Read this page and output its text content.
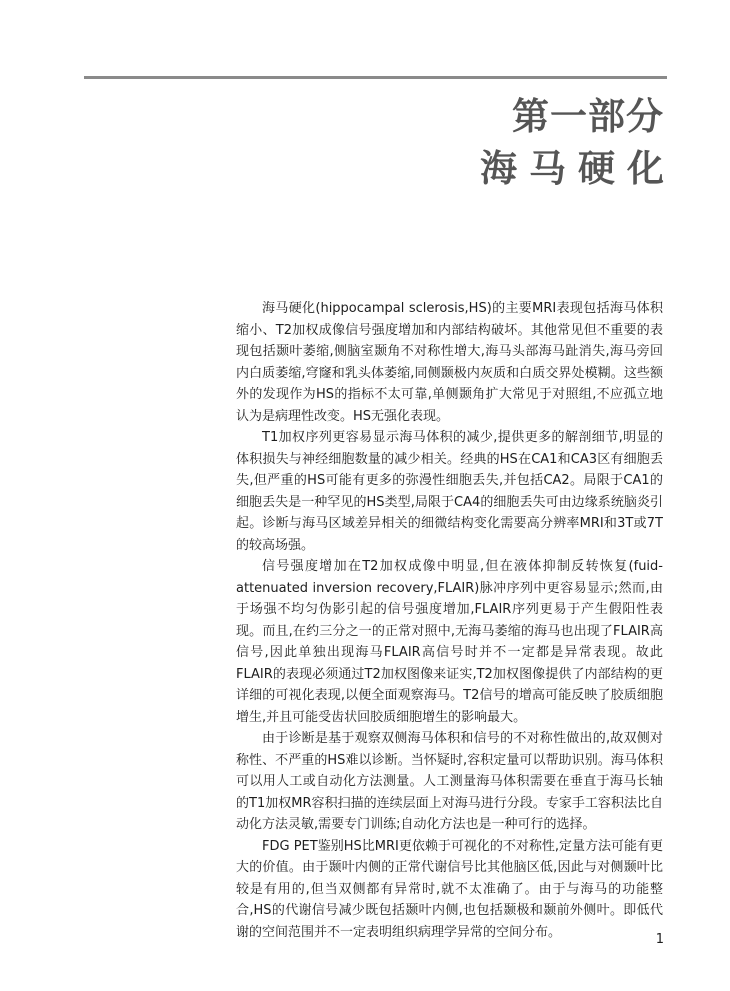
第一部分
海马硬化

海马硬化(hippocampal sclerosis,HS)的主要MRI表现包括海马体积缩小、T2加权成像信号强度增加和内部结构破坏。其他常见但不重要的表现包括颞叶萎缩,侧脑室颞角不对称性增大,海马头部海马趾消失,海马旁回内白质萎缩,穹窿和乳头体萎缩,同侧颞极内灰质和白质交界处模糊。这些额外的发现作为HS的指标不太可靠,单侧颞角扩大常见于对照组,不应孤立地认为是病理性改变。HS无强化表现。

T1加权序列更容易显示海马体积的减少,提供更多的解剖细节,明显的体积损失与神经细胞数量的减少相关。经典的HS在CA1和CA3区有细胞丢失,但严重的HS可能有更多的弥漫性细胞丢失,并包括CA2。局限于CA1的细胞丢失是一种罕见的HS类型,局限于CA4的细胞丢失可由边缘系统脑炎引起。诊断与海马区域差异相关的细微结构变化需要高分辨率MRI和3T或7T的较高场强。

信号强度增加在T2加权成像中明显,但在液体抑制反转恢复(fuid-attenuated inversion recovery,FLAIR)脉冲序列中更容易显示;然而,由于场强不均匀伪影引起的信号强度增加,FLAIR序列更易于产生假阳性表现。而且,在约三分之一的正常对照中,无海马萎缩的海马也出现了FLAIR高信号,因此单独出现海马FLAIR高信号时并不一定都是异常表现。故此FLAIR的表现必须通过T2加权图像来证实,T2加权图像提供了内部结构的更详细的可视化表现,以便全面观察海马。T2信号的增高可能反映了胶质细胞增生,并且可能受齿状回胶质细胞增生的影响最大。

由于诊断是基于观察双侧海马体积和信号的不对称性做出的,故双侧对称性、不严重的HS难以诊断。当怀疑时,容积定量可以帮助识别。海马体积可以用人工或自动化方法测量。人工测量海马体积需要在垂直于海马长轴的T1加权MR容积扫描的连续层面上对海马进行分段。专家手工容积法比自动化方法灵敏,需要专门训练;自动化方法也是一种可行的选择。

FDG PET鉴别HS比MRI更依赖于可视化的不对称性,定量方法可能有更大的价值。由于颞叶内侧的正常代谢信号比其他脑区低,因此与对侧颞叶比较是有用的,但当双侧都有异常时,就不太准确了。由于与海马的功能整合,HS的代谢信号减少既包括颞叶内侧,也包括颞极和颞前外侧叶。即低代谢的空间范围并不一定表明组织病理学异常的空间分布。	1
